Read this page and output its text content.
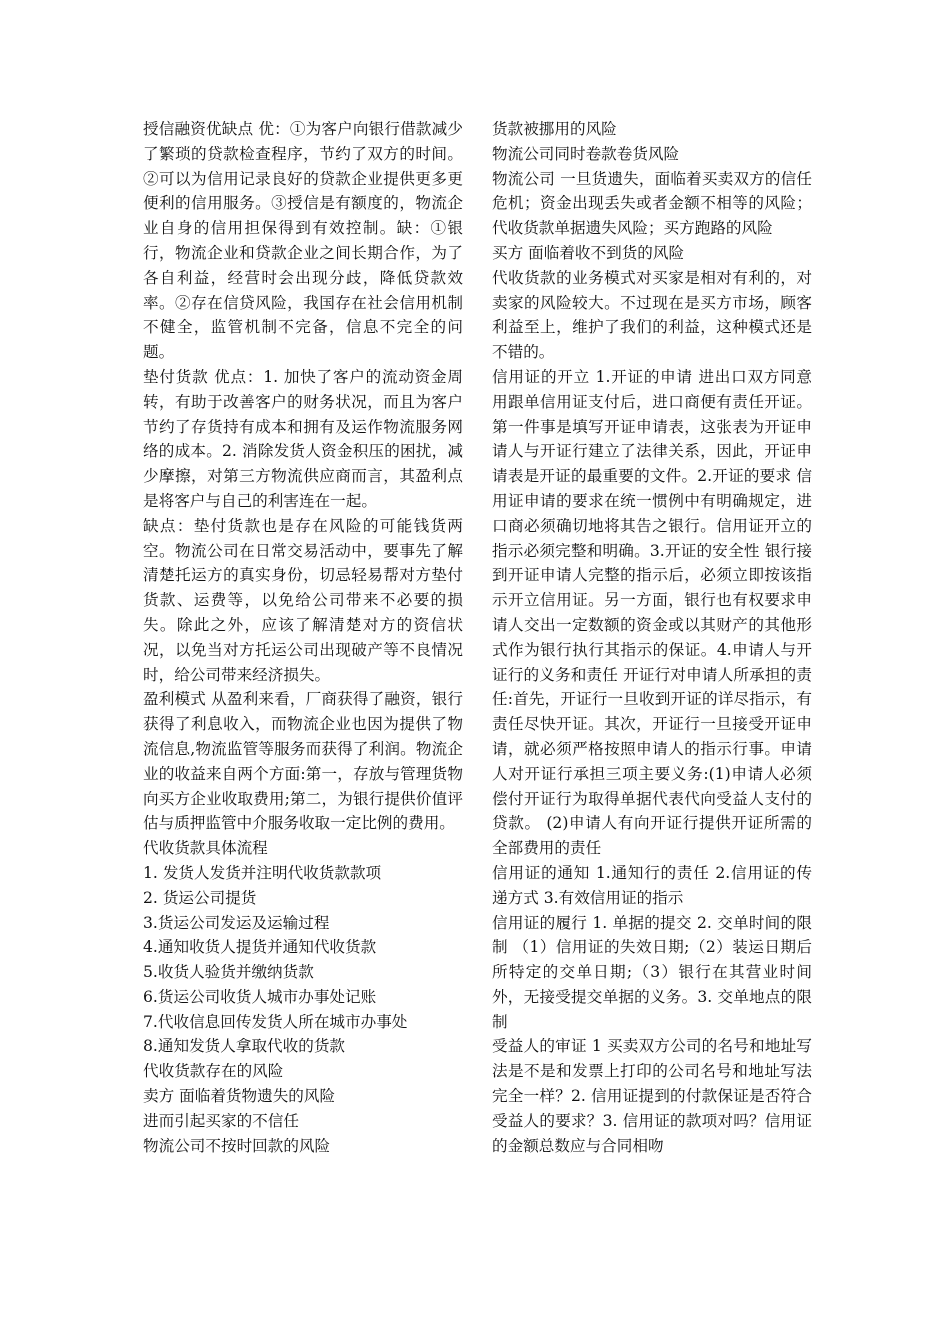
授信融资优缺点 优：①为客户向银行借款减少了繁琐的贷款检查程序，节约了双方的时间。②可以为信用记录良好的贷款企业提供更多更便利的信用服务。③授信是有额度的，物流企业自身的信用担保得到有效控制。缺：①银行，物流企业和贷款企业之间长期合作，为了各自利益，经营时会出现分歧，降低贷款效率。②存在信贷风险，我国存在社会信用机制不健全，监管机制不完备，信息不完全的问题。

垫付货款 优点：1. 加快了客户的流动资金周转，有助于改善客户的财务状况，而且为客户节约了存货持有成本和拥有及运作物流服务网络的成本。2. 消除发货人资金积压的困扰，减少摩擦，对第三方物流供应商而言，其盈利点是将客户与自己的利害连在一起。

缺点：垫付货款也是存在风险的可能钱货两空。物流公司在日常交易活动中，要事先了解清楚托运方的真实身份，切忌轻易帮对方垫付货款、运费等，以免给公司带来不必要的损失。除此之外，应该了解清楚对方的资信状况，以免当对方托运公司出现破产等不良情况时，给公司带来经济损失。

盈利模式 从盈利来看，厂商获得了融资，银行获得了利息收入，而物流企业也因为提供了物流信息,物流监管等服务而获得了利润。物流企业的收益来自两个方面:第一，存放与管理货物向买方企业收取费用;第二，为银行提供价值评估与质押监管中介服务收取一定比例的费用。

代收货款具体流程

1. 发货人发货并注明代收货款款项

2. 货运公司提货

3.货运公司发运及运输过程

4.通知收货人提货并通知代收货款

5.收货人验货并缴纳货款

6.货运公司收货人城市办事处记账

7.代收信息回传发货人所在城市办事处

8.通知发货人拿取代收的货款

代收货款存在的风险

卖方 面临着货物遗失的风险

进而引起买家的不信任

物流公司不按时回款的风险

货款被挪用的风险

物流公司同时卷款卷货风险

物流公司 一旦货遗失，面临着买卖双方的信任危机；资金出现丢失或者金额不相等的风险；代收货款单据遗失风险；买方跑路的风险

买方 面临着收不到货的风险

代收货款的业务模式对买家是相对有利的，对卖家的风险较大。不过现在是买方市场，顾客利益至上，维护了我们的利益，这种模式还是不错的。

信用证的开立 1.开证的申请 进出口双方同意用跟单信用证支付后，进口商便有责任开证。第一件事是填写开证申请表，这张表为开证申请人与开证行建立了法律关系，因此，开证申请表是开证的最重要的文件。2.开证的要求 信用证申请的要求在统一惯例中有明确规定，进口商必须确切地将其告之银行。信用证开立的指示必须完整和明确。3.开证的安全性 银行接到开证申请人完整的指示后，必须立即按该指示开立信用证。另一方面，银行也有权要求申请人交出一定数额的资金或以其财产的其他形式作为银行执行其指示的保证。4.申请人与开证行的义务和责任 开证行对申请人所承担的责任:首先，开证行一旦收到开证的详尽指示，有责任尽快开证。其次，开证行一旦接受开证申请，就必须严格按照申请人的指示行事。申请人对开证行承担三项主要义务:(1)申请人必须偿付开证行为取得单据代表代向受益人支付的贷款。 (2)申请人有向开证行提供开证所需的全部费用的责任

信用证的通知 1.通知行的责任 2.信用证的传递方式 3.有效信用证的指示

信用证的履行 1. 单据的提交 2. 交单时间的限制 （1）信用证的失效日期;（2）装运日期后所特定的交单日期;（3）银行在其营业时间外，无接受提交单据的义务。3. 交单地点的限制

受益人的审证 1 买卖双方公司的名号和地址写法是不是和发票上打印的公司名号和地址写法完全一样？2. 信用证提到的付款保证是否符合受益人的要求？3. 信用证的款项对吗？信用证的金额总数应与合同相吻
